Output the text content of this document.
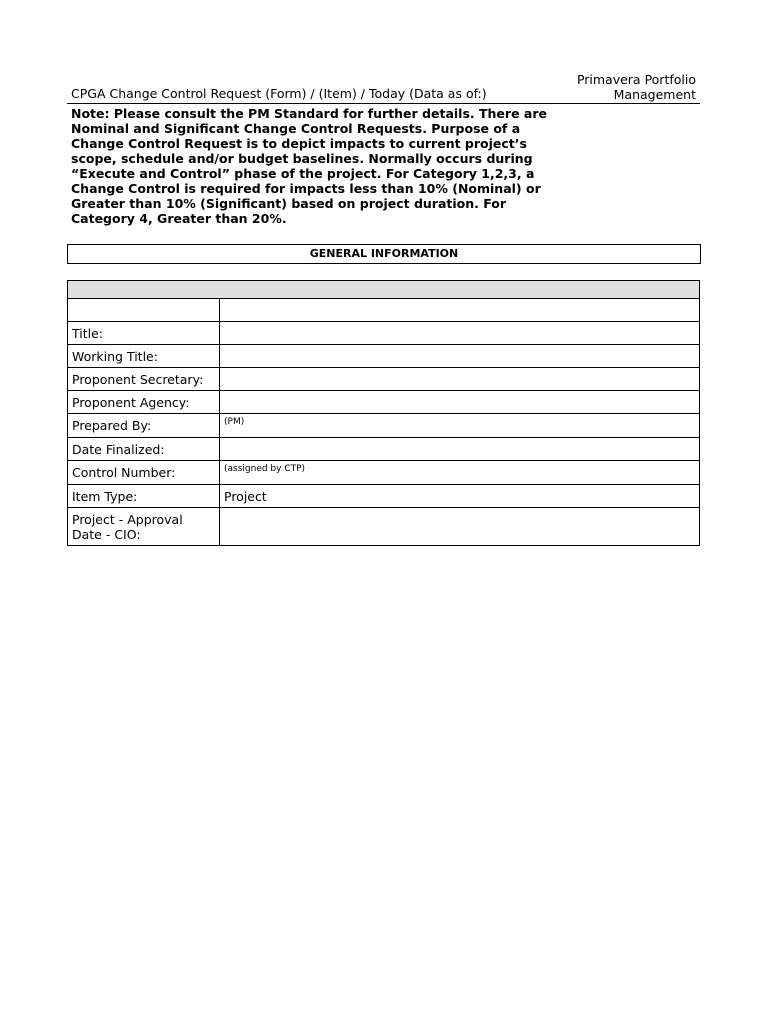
CPGA Change Control Request (Form) / (Item) / Today (Data as of:)
Primavera Portfolio
Management
Note: Please consult the PM Standard for further details. There are Nominal and Significant Change Control Requests. Purpose of a Change Control Request is to depict impacts to current project’s scope, schedule and/or budget baselines. Normally occurs during “Execute and Control” phase of the project. For Category 1,2,3, a Change Control is required for impacts less than 10% (Nominal) or Greater than 10% (Significant) based on project duration. For Category 4, Greater than 20%.
GENERAL INFORMATION

Title:	
Working Title:	
Proponent Secretary:	
Proponent Agency:	
Prepared By:	(PM)
Date Finalized:	
Control Number:	(assigned by CTP)
Item Type:	Project
Project - Approval Date - CIO:	
